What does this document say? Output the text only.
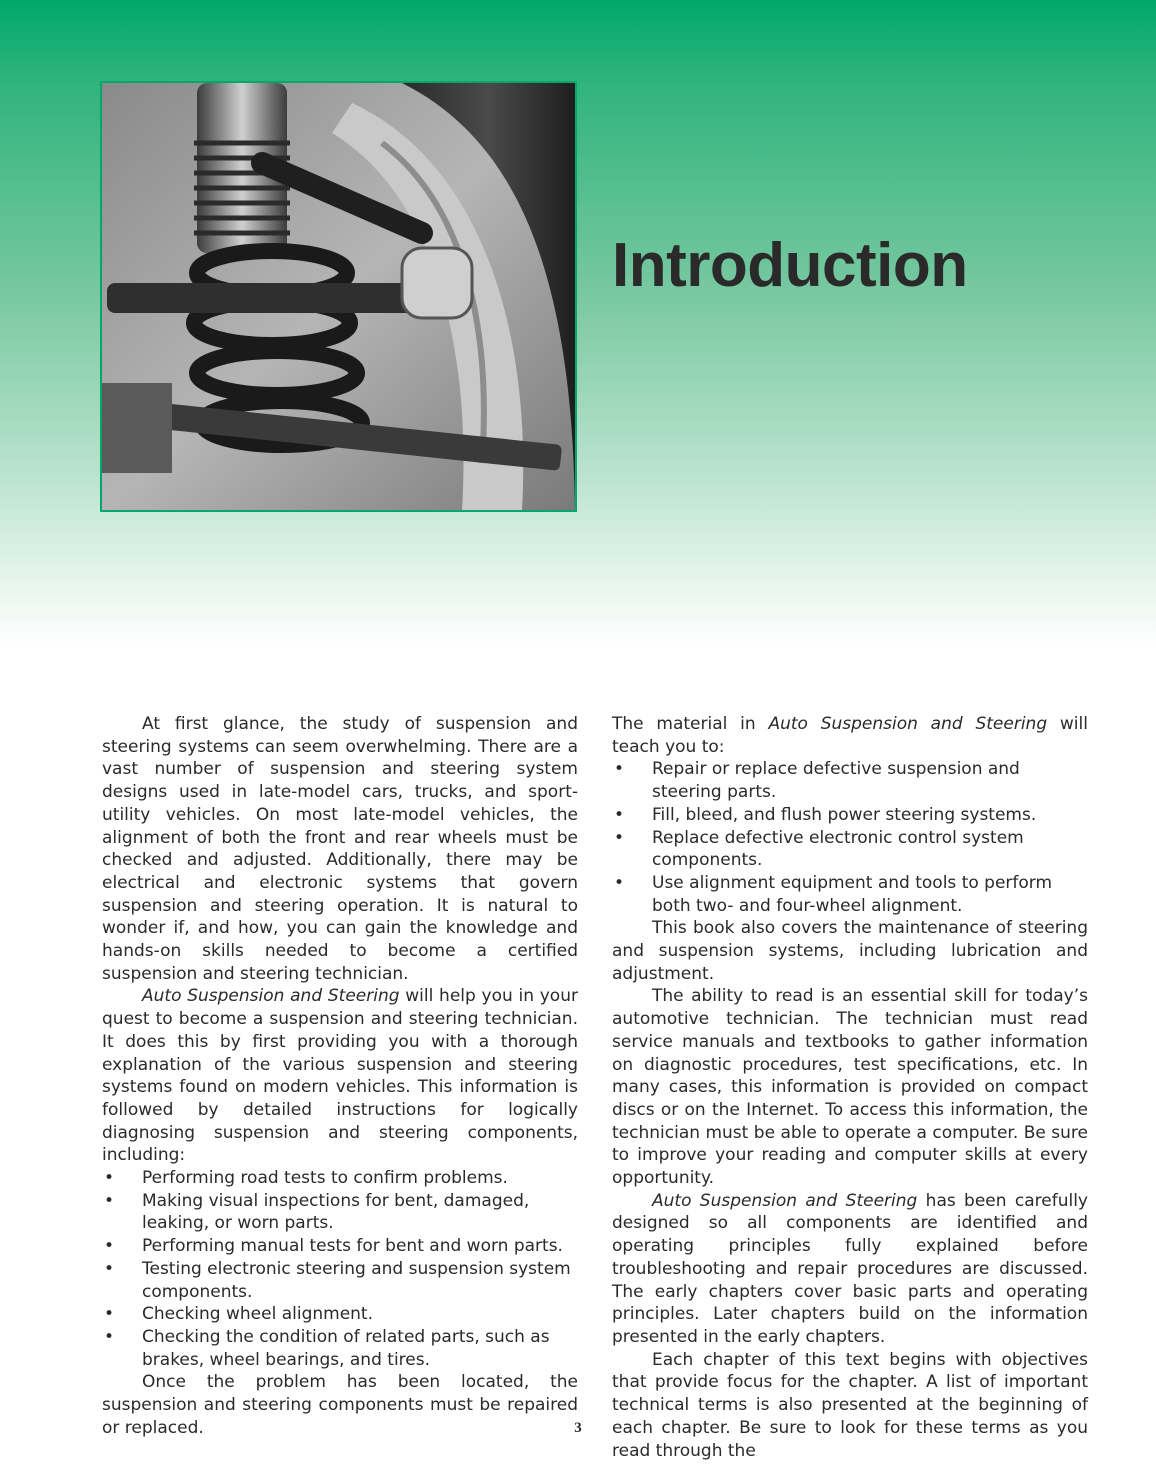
Introduction

At first glance, the study of suspension and steering systems can seem overwhelming. There are a vast number of suspension and steering system designs used in late-model cars, trucks, and sport-utility vehicles. On most late-model vehicles, the alignment of both the front and rear wheels must be checked and adjusted. Additionally, there may be electrical and electronic systems that govern suspension and steering operation. It is natural to wonder if, and how, you can gain the knowledge and hands-on skills needed to become a certified suspension and steering technician.

Auto Suspension and Steering will help you in your quest to become a suspension and steering technician. It does this by first providing you with a thorough explanation of the various suspension and steering systems found on modern vehicles. This information is followed by detailed instructions for logically diagnosing suspension and steering components, including:

• Performing road tests to confirm problems.
• Making visual inspections for bent, damaged, leaking, or worn parts.
• Performing manual tests for bent and worn parts.
• Testing electronic steering and suspension system components.
• Checking wheel alignment.
• Checking the condition of related parts, such as brakes, wheel bearings, and tires.

Once the problem has been located, the suspension and steering components must be repaired or replaced.

The material in Auto Suspension and Steering will teach you to:

• Repair or replace defective suspension and steering parts.
• Fill, bleed, and flush power steering systems.
• Replace defective electronic control system components.
• Use alignment equipment and tools to perform both two- and four-wheel alignment.

This book also covers the maintenance of steering and suspension systems, including lubrication and adjustment.

The ability to read is an essential skill for today’s automotive technician. The technician must read service manuals and textbooks to gather information on diagnostic procedures, test specifications, etc. In many cases, this information is provided on compact discs or on the Internet. To access this information, the technician must be able to operate a computer. Be sure to improve your reading and computer skills at every opportunity.

Auto Suspension and Steering has been carefully designed so all components are identified and operating principles fully explained before troubleshooting and repair procedures are discussed. The early chapters cover basic parts and operating principles. Later chapters build on the information presented in the early chapters.

Each chapter of this text begins with objectives that provide focus for the chapter. A list of important technical terms is also presented at the beginning of each chapter. Be sure to look for these terms as you read through the

3
